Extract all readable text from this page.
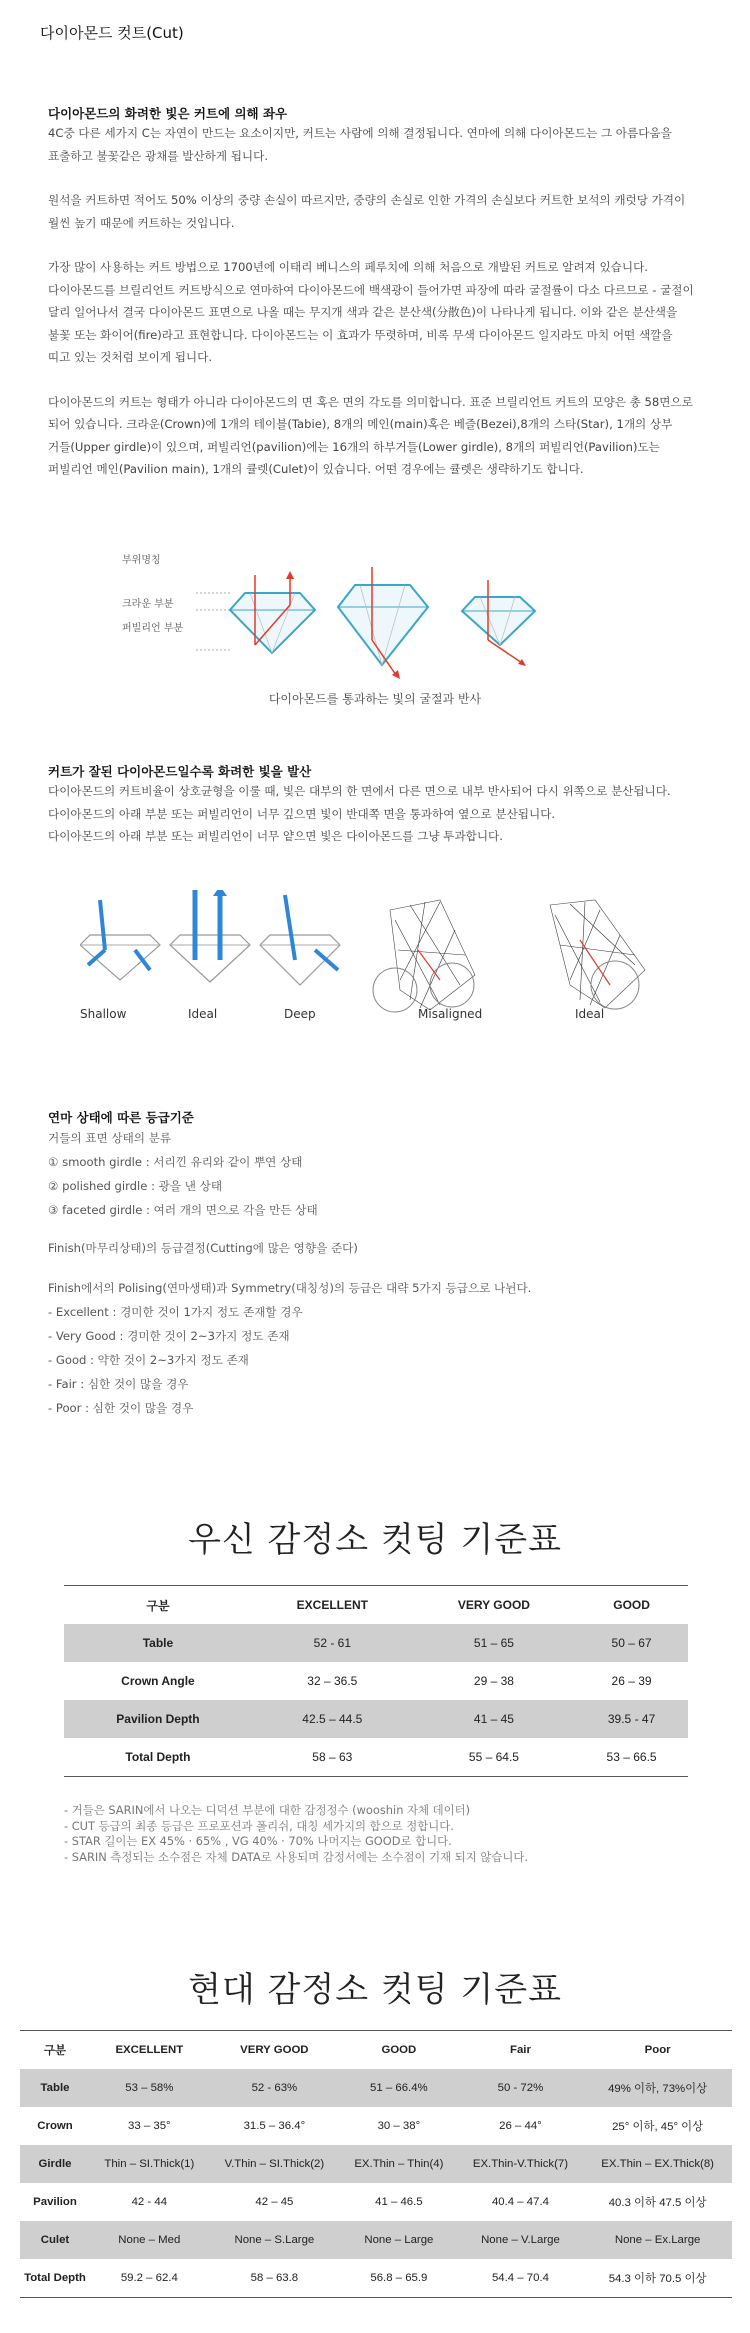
다이아몬드 컷트(Cut)
다이아몬드의 화려한 빛은 커트에 의해 좌우

4C중 다른 세가지 C는 자연이 만드는 요소이지만, 커트는 사람에 의해 결정됩니다. 연마에 의해 다이아몬드는 그 아름다움을

표출하고 불꽃같은 광채를 발산하게 됩니다.

원석을 커트하면 적어도 50% 이상의 중량 손실이 따르지만, 중량의 손실로 인한 가격의 손실보다 커트한 보석의 캐럿당 가격이

월씬 높기 때문에 커트하는 것입니다.

가장 많이 사용하는 커트 방법으로 1700년에 이태리 베니스의 페루치에 의해 처음으로 개발된 커트로 알려져 있습니다.

다이아몬드를 브릴리언트 커트방식으로 연마하여 다이아몬드에 백색광이 들어가면 파장에 따라 굴절률이 다소 다르므로 - 굴절이

달리 일어나서 결국 다이아몬드 표면으로 나올 때는 무지개 색과 같은 분산색(分散色)이 나타나게 됩니다. 이와 같은 분산색을

불꽃 또는 화이어(fire)라고 표현합니다. 다이아몬드는 이 효과가 뚜렷하며, 비록 무색 다이아몬드 일지라도 마치 어떤 색깔을

띠고 있는 것처럼 보이게 됩니다.

다이아몬드의 커트는 형태가 아니라 다이아몬드의 면 혹은 면의 각도를 의미합니다. 표준 브릴리언트 커트의 모양은 총 58면으로

되어 있습니다. 크라운(Crown)에 1개의 테이블(Tabie), 8개의 메인(main)혹은 베즐(Bezei),8개의 스타(Star), 1개의 상부

거들(Upper girdle)이 있으며, 퍼빌리언(pavilion)에는 16개의 하부거들(Lower girdle), 8개의 퍼빌리언(Pavilion)도는

퍼빌리언 메인(Pavilion main), 1개의 큘렛(Culet)이 있습니다. 어떤 경우에는 큘렛은 생략하기도 합니다.

부위명칭
크라운 부분
퍼빌리언 부분
다이아몬드를 통과하는 빛의 굴절과 반사
커트가 잘된 다이아몬드일수록 화려한 빛을 발산

다이아몬드의 커트비율이 상호균형을 이룰 때, 빛은 대부의 한 면에서 다른 면으로 내부 반사되어 다시 위쪽으로 분산됩니다.

다이아몬드의 아래 부분 또는 퍼빌리언이 너무 깊으면 빛이 반대쪽 면을 통과하여 옆으로 분산됩니다.

다이아몬드의 아래 부분 또는 퍼빌리언이 너무 얕으면 빛은 다이아몬드를 그냥 투과합니다.

Shallow	Ideal	Deep	Misaligned	Ideal
연마 상태에 따른 등급기준

거들의 표면 상태의 분류

① smooth girdle : 서리낀 유리와 같이 뿌연 상태

② polished girdle : 광을 낸 상태

③ faceted girdle : 여러 개의 면으로 각을 만든 상태

Finish(마무리상태)의 등급결정(Cutting에 많은 영향을 준다)

Finish에서의 Polising(연마생태)과 Symmetry(대칭성)의 등급은 대략 5가지 등급으로 나뉜다.

- Excellent : 경미한 것이 1가지 정도 존재할 경우

- Very Good : 경미한 것이 2~3가지 정도 존재

- Good : 약한 것이 2~3가지 정도 존재

- Fair : 심한 것이 많을 경우

- Poor : 심한 것이 많을 경우

우신 감정소 컷팅 기준표
구분	EXCELLENT	VERY GOOD	GOOD
Table	52 - 61	51 – 65	50 – 67
Crown Angle	32 – 36.5	29 – 38	26 – 39
Pavilion Depth	42.5 – 44.5	41 – 45	39.5 - 47
Total Depth	58 – 63	55 – 64.5	53 – 66.5

- 거들은 SARIN에서 나오는 디덕션 부분에 대한 감정정수 (wooshin 자체 데이터)

- CUT 등급의 최종 등급은 프로포션과 폴리쉬, 대칭 세가지의 합으로 정합니다.

- STAR 길이는 EX 45% · 65% , VG 40% · 70% 나머지는 GOOD로 합니다.

- SARIN 측정되는 소수점은 자체 DATA로 사용되며 감정서에는 소수점이 기재 되지 않습니다.

현대 감정소 컷팅 기준표
구분	EXCELLENT	VERY GOOD	GOOD	Fair	Poor
Table	53 – 58%	52 - 63%	51 – 66.4%	50 - 72%	49% 이하, 73%이상
Crown	33 – 35°	31.5 – 36.4°	30 – 38°	26 – 44°	25° 이하, 45° 이상
Girdle	Thin – SI.Thick(1)	V.Thin – SI.Thick(2)	EX.Thin – Thin(4)	EX.Thin-V.Thick(7)	EX.Thin – EX.Thick(8)
Pavilion	42 - 44	42 – 45	41 – 46.5	40.4 – 47.4	40.3 이하 47.5 이상
Culet	None – Med	None – S.Large	None – Large	None – V.Large	None – Ex.Large
Total Depth	59.2 – 62.4	58 – 63.8	56.8 – 65.9	54.4 – 70.4	54.3 이하 70.5 이상
